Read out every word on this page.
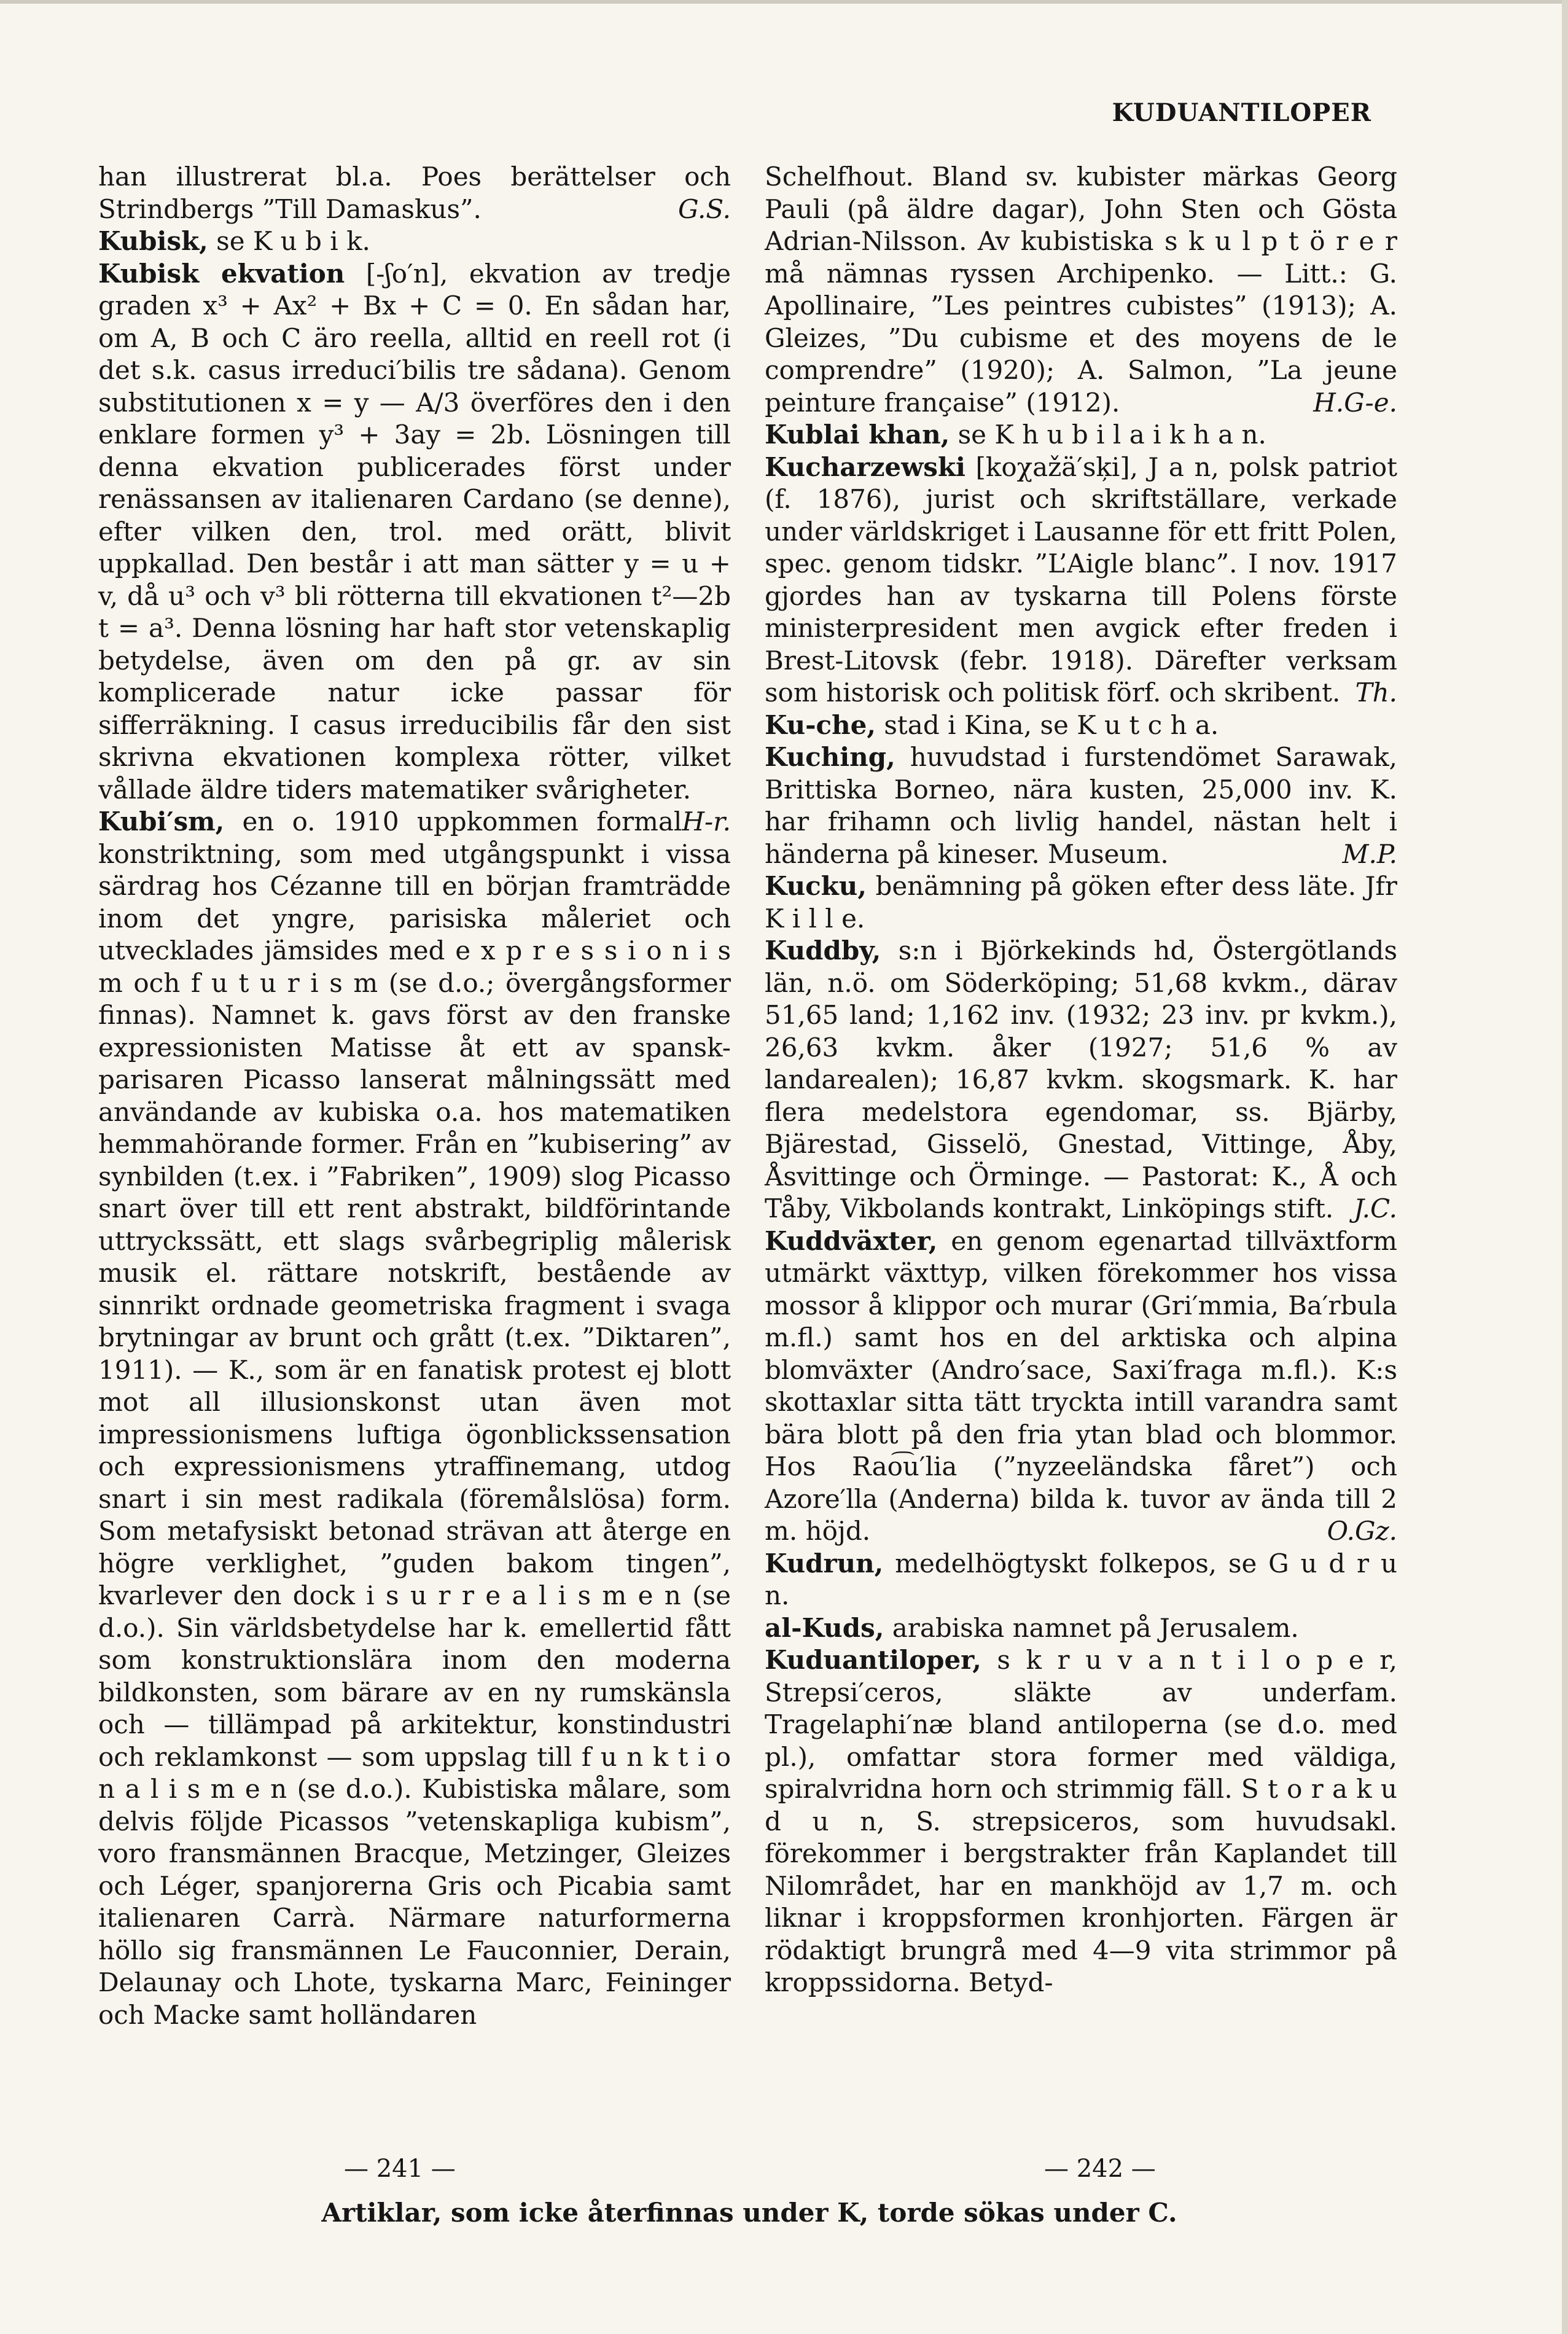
KUDUANTILOPER

han illustrerat bl.a. Poes berättelser och Strindbergs ”Till Damaskus”.	G.S.

Kubisk, se K u b i k.

Kubisk ekvation [-ʃo′n], ekvation av tredje graden x³ + Ax² + Bx + C = 0. En sådan har, om A, B och C äro reella, alltid en reell rot (i det s.k. casus irreduci′bilis tre sådana). Genom substitutionen x = y — A/3 överföres den i den enklare formen y³ + 3ay = 2b. Lösningen till denna ekvation publicerades först under renässansen av italienaren Cardano (se denne), efter vilken den, trol. med orätt, blivit uppkallad. Den består i att man sätter y = u + v, då u³ och v³ bli rötterna till ekvationen t²—2b t = a³. Denna lösning har haft stor vetenskaplig betydelse, även om den på gr. av sin komplicerade natur icke passar för sifferräkning. I casus irreducibilis får den sist skrivna ekvationen komplexa rötter, vilket vållade äldre tiders matematiker svårigheter.
H-r.

Kubi′sm, en o. 1910 uppkommen formal konstriktning, som med utgångspunkt i vissa särdrag hos Cézanne till en början framträdde inom det yngre, parisiska måleriet och utvecklades jämsides med e x p r e s s i o n i s m och f u t u r i s m (se d.o.; övergångsformer finnas). Namnet k. gavs först av den franske expressionisten Matisse åt ett av spansk-parisaren Picasso lanserat målningssätt med användande av kubiska o.a. hos matematiken hemmahörande former. Från en ”kubisering” av synbilden (t.ex. i ”Fabriken”, 1909) slog Picasso snart över till ett rent abstrakt, bildförintande uttryckssätt, ett slags svårbegriplig målerisk musik el. rättare notskrift, bestående av sinnrikt ordnade geometriska fragment i svaga brytningar av brunt och grått (t.ex. ”Diktaren”, 1911). — K., som är en fanatisk protest ej blott mot all illusionskonst utan även mot impressionismens luftiga ögonblickssensation och expressionismens ytraffinemang, utdog snart i sin mest radikala (föremålslösa) form. Som metafysiskt betonad strävan att återge en högre verklighet, ”guden bakom tingen”, kvarlever den dock i s u r r e a l i s m e n (se d.o.). Sin världsbetydelse har k. emellertid fått som konstruktionslära inom den moderna bildkonsten, som bärare av en ny rumskänsla och — tillämpad på arkitektur, konstindustri och reklamkonst — som uppslag till f u n k t i o n a l i s m e n (se d.o.). Kubistiska målare, som delvis följde Picassos ”vetenskapliga kubism”, voro fransmännen Bracque, Metzinger, Gleizes och Léger, spanjorerna Gris och Picabia samt italienaren Carrà. Närmare naturformerna höllo sig fransmännen Le Fauconnier, Derain, Delaunay och Lhote, tyskarna Marc, Feininger och Macke samt holländaren

Schelfhout. Bland sv. kubister märkas Georg Pauli (på äldre dagar), John Sten och Gösta Adrian-Nilsson. Av kubistiska s k u l p t ö r e r må nämnas ryssen Archipenko. — Litt.: G. Apollinaire, ”Les peintres cubistes” (1913); A. Gleizes, ”Du cubisme et des moyens de le comprendre” (1920); A. Salmon, ”La jeune peinture française” (1912).	H.G-e.

Kublai khan, se K h u b i l a i k h a n.

Kucharzewski [koχažä′sķi], J a n, polsk patriot (f. 1876), jurist och skriftställare, verkade under världskriget i Lausanne för ett fritt Polen, spec. genom tidskr. ”L’Aigle blanc”. I nov. 1917 gjordes han av tyskarna till Polens förste ministerpresident men avgick efter freden i Brest-Litovsk (febr. 1918). Därefter verksam som historisk och politisk förf. och skribent. Th.

Ku-che, stad i Kina, se K u t c h a.

Kuching, huvudstad i furstendömet Sarawak, Brittiska Borneo, nära kusten, 25,000 inv. K. har frihamn och livlig handel, nästan helt i händerna på kineser. Museum.	M.P.

Kucku, benämning på göken efter dess läte. Jfr K i l l e.

Kuddby, s:n i Björkekinds hd, Östergötlands län, n.ö. om Söderköping; 51,68 kvkm., därav 51,65 land; 1,162 inv. (1932; 23 inv. pr kvkm.), 26,63 kvkm. åker (1927; 51,6 % av landarealen); 16,87 kvkm. skogsmark. K. har flera medelstora egendomar, ss. Bjärby, Bjärestad, Gisselö, Gnestad, Vittinge, Åby, Åsvittinge och Örminge. — Pastorat: K., Å och Tåby, Vikbolands kontrakt, Linköpings stift. J.C.

Kuddväxter, en genom egenartad tillväxtform utmärkt växttyp, vilken förekommer hos vissa mossor å klippor och murar (Gri′mmia, Ba′rbula m.fl.) samt hos en del arktiska och alpina blomväxter (Andro′sace, Saxi′fraga m.fl.). K:s skottaxlar sitta tätt tryckta intill varandra samt bära blott på den fria ytan blad och blommor. Hos Rao͡u′lia (”nyzeeländska fåret”) och Azore′lla (Anderna) bilda k. tuvor av ända till 2 m. höjd.	O.Gz.

Kudrun, medelhögtyskt folkepos, se G u d r u n.

al-Kuds, arabiska namnet på Jerusalem.

Kuduantiloper, s k r u v a n t i l o p e r, Strepsi′ceros, släkte av underfam. Tragelaphi′næ bland antiloperna (se d.o. med pl.), omfattar stora former med väldiga, spiralvridna horn och strimmig fäll. S t o r a k u d u n, S. strepsiceros, som huvudsakl. förekommer i bergstrakter från Kaplandet till Nilområdet, har en mankhöjd av 1,7 m. och liknar i kroppsformen kronhjorten. Färgen är rödaktigt brungrå med 4—9 vita strimmor på kroppssidorna. Betyd-

— 241 —	— 242 —
Artiklar, som icke återfinnas under K, torde sökas under C.
